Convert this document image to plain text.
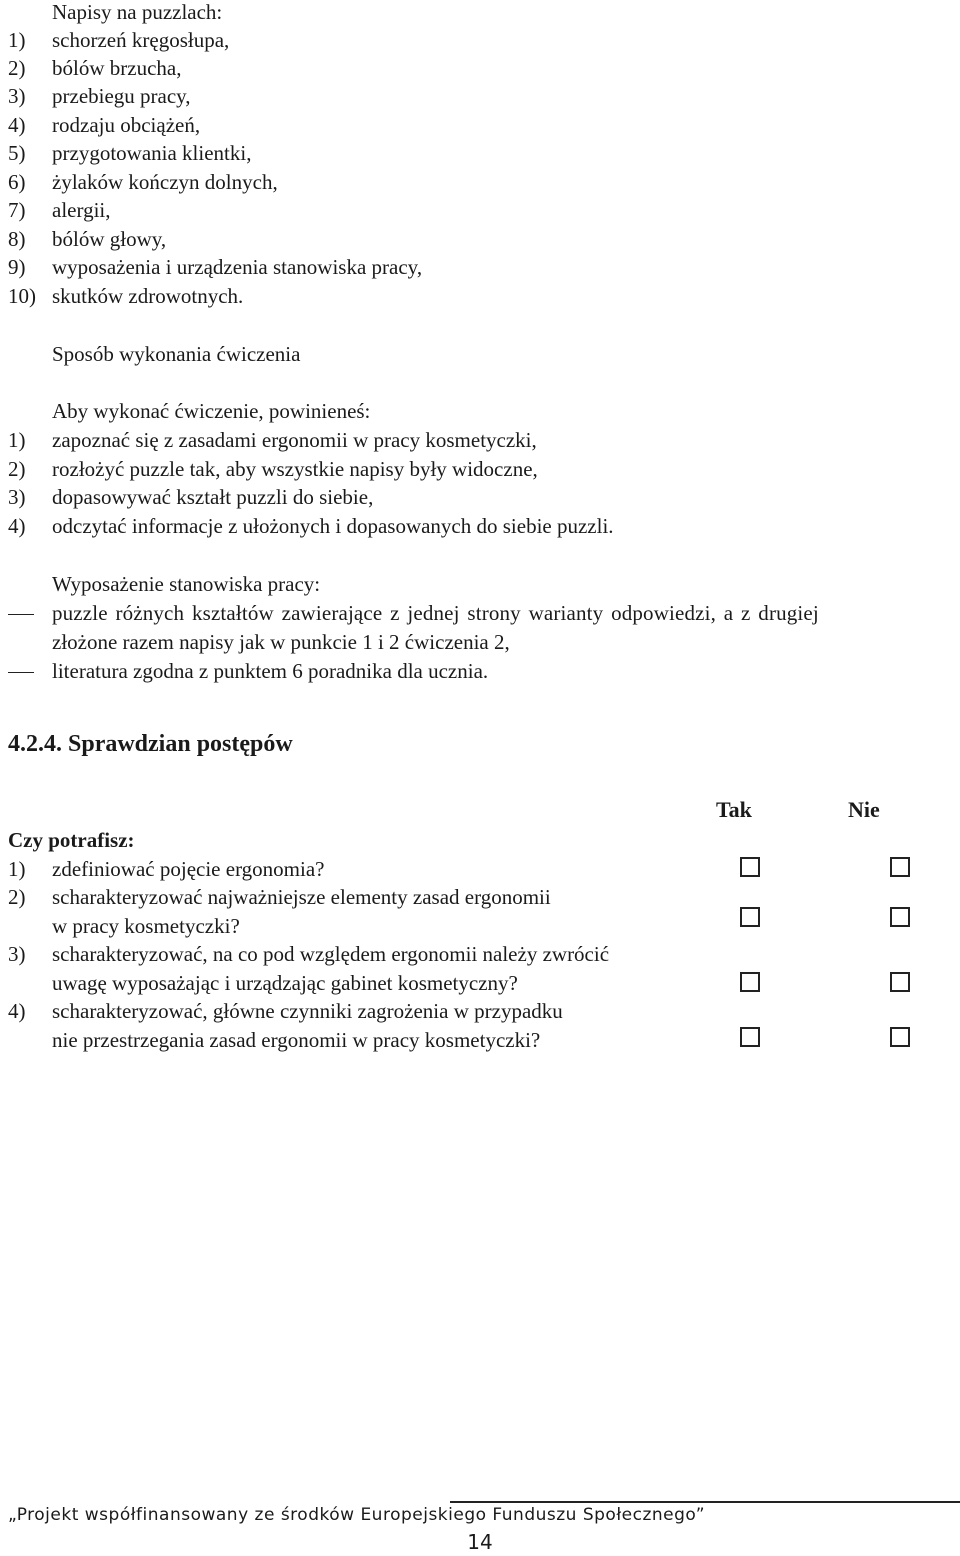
Napisy na puzzlach:
1) schorzeń kręgosłupa,
2) bólów brzucha,
3) przebiegu pracy,
4) rodzaju obciążeń,
5) przygotowania klientki,
6) żylaków kończyn dolnych,
7) alergii,
8) bólów głowy,
9) wyposażenia i urządzenia stanowiska pracy,
10) skutków zdrowotnych.
Sposób wykonania ćwiczenia
Aby wykonać ćwiczenie, powinieneś:
1) zapoznać się z zasadami ergonomii w pracy kosmetyczki,
2) rozłożyć puzzle tak, aby wszystkie napisy były widoczne,
3) dopasowywać kształt puzzli do siebie,
4) odczytać informacje z ułożonych i dopasowanych do siebie puzzli.
Wyposażenie stanowiska pracy:
puzzle różnych kształtów zawierające z jednej strony warianty odpowiedzi, a z drugiej
złożone razem napisy jak w punkcie 1 i 2 ćwiczenia 2,
literatura zgodna z punktem 6 poradnika dla ucznia.
4.2.4. Sprawdzian postępów
Tak	Nie
Czy potrafisz:
1) zdefiniować pojęcie ergonomia?
2) scharakteryzować najważniejsze elementy zasad ergonomii
w pracy kosmetyczki?
3) scharakteryzować, na co pod względem ergonomii należy zwrócić
uwagę wyposażając i urządzając gabinet kosmetyczny?
4) scharakteryzować, główne czynniki zagrożenia w przypadku
nie przestrzegania zasad ergonomii w pracy kosmetyczki?
„Projekt współfinansowany ze środków Europejskiego Funduszu Społecznego”
14
